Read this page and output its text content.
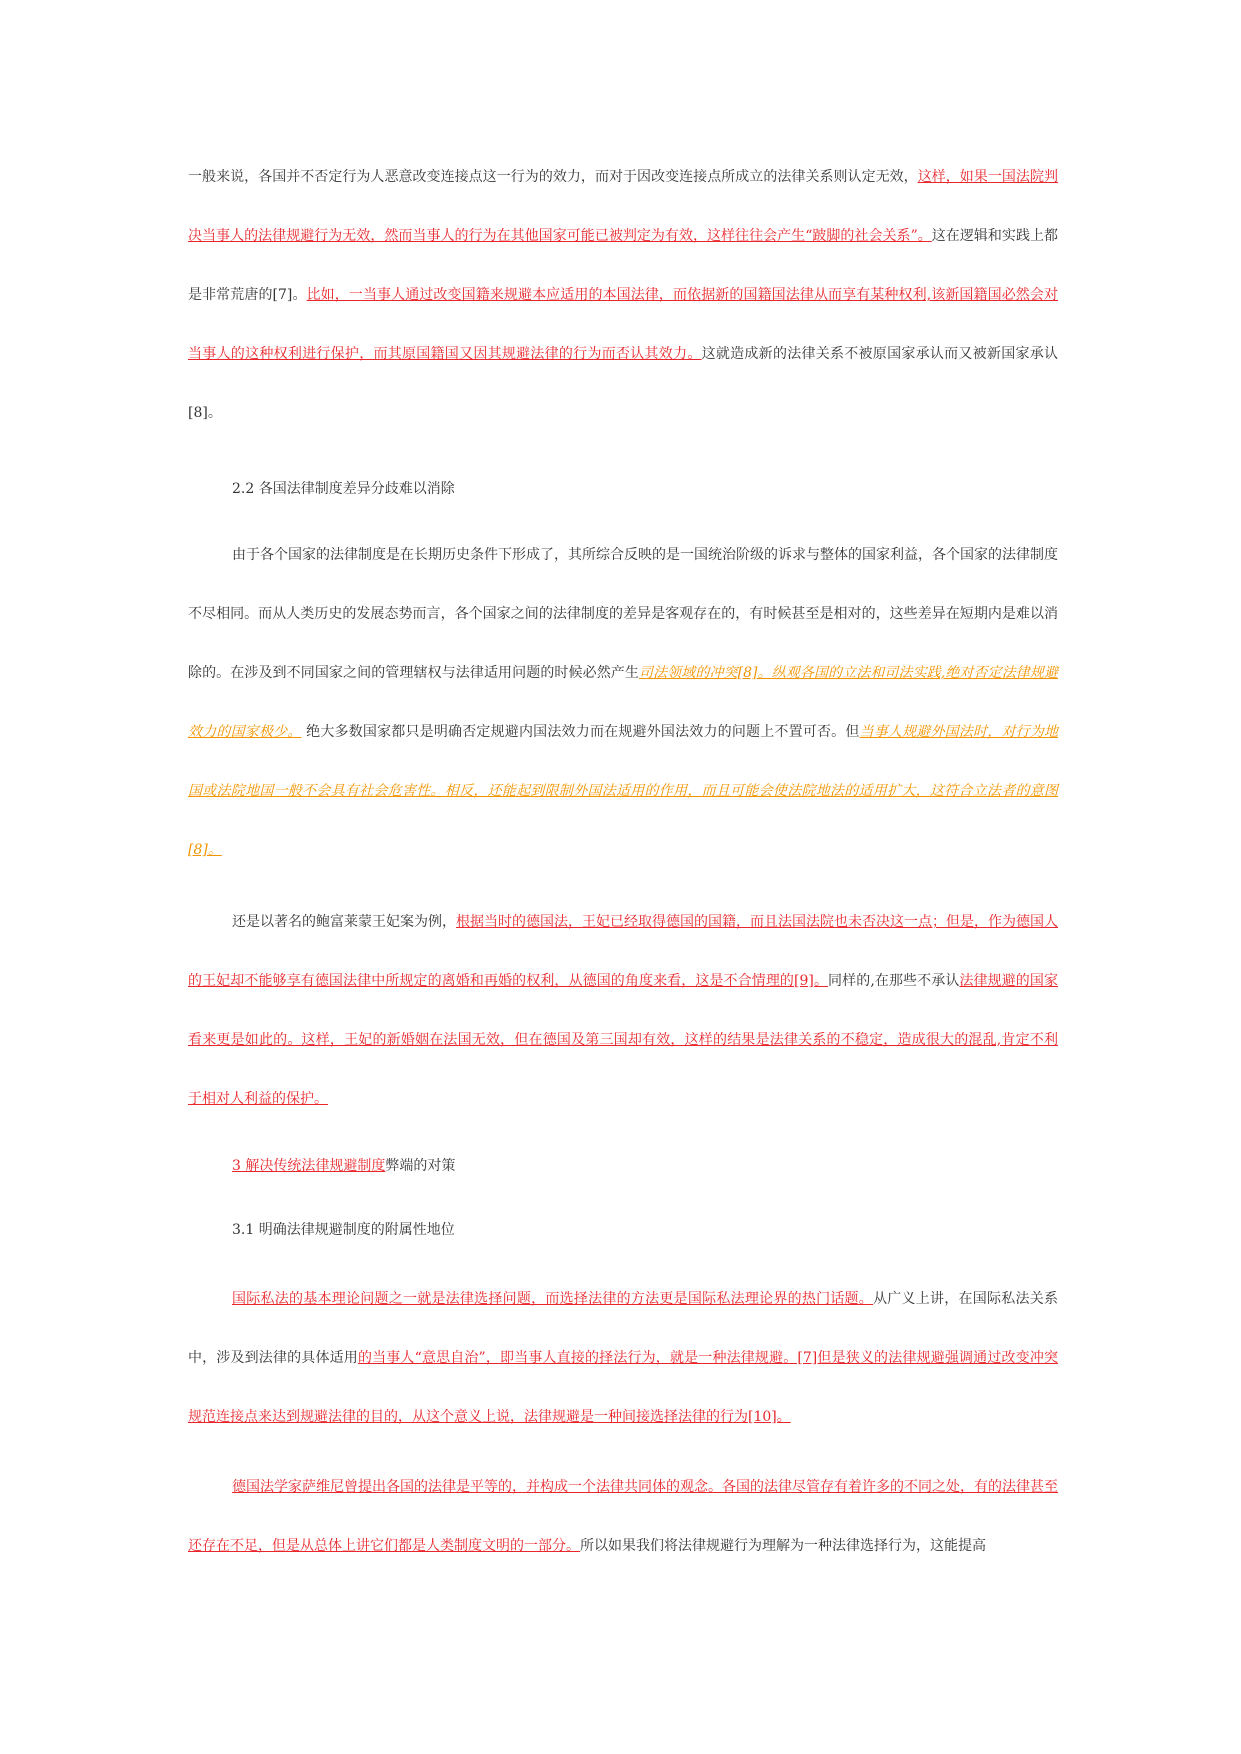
一般来说，各国并不否定行为人恶意改变连接点这一行为的效力，而对于因改变连接点所成立的法律关系则认定无效，这样，如果一国法院判决当事人的法律规避行为无效，然而当事人的行为在其他国家可能已被判定为有效，这样往往会产生“跛脚的社会关系”。这在逻辑和实践上都是非常荒唐的[7]。比如，一当事人通过改变国籍来规避本应适用的本国法律，而依据新的国籍国法律从而享有某种权利,该新国籍国必然会对当事人的这种权利进行保护，而其原国籍国又因其规避法律的行为而否认其效力。这就造成新的法律关系不被原国家承认而又被新国家承认[8]。

2.2 各国法律制度差异分歧难以消除

由于各个国家的法律制度是在长期历史条件下形成了，其所综合反映的是一国统治阶级的诉求与整体的国家利益，各个国家的法律制度不尽相同。而从人类历史的发展态势而言，各个国家之间的法律制度的差异是客观存在的，有时候甚至是相对的，这些差异在短期内是难以消除的。在涉及到不同国家之间的管理辖权与法律适用问题的时候必然产生司法领域的冲突[8]。纵观各国的立法和司法实践,绝对否定法律规避效力的国家极少。 绝大多数国家都只是明确否定规避内国法效力而在规避外国法效力的问题上不置可否。但当事人规避外国法时，对行为地国或法院地国一般不会具有社会危害性。相反，还能起到限制外国法适用的作用，而且可能会使法院地法的适用扩大，这符合立法者的意图[8]。

还是以著名的鲍富莱蒙王妃案为例，根据当时的德国法，王妃已经取得德国的国籍，而且法国法院也未否决这一点；但是，作为德国人的王妃却不能够享有德国法律中所规定的离婚和再婚的权利，从德国的角度来看，这是不合情理的[9]。同样的,在那些不承认法律规避的国家看来更是如此的。这样，王妃的新婚姻在法国无效，但在德国及第三国却有效，这样的结果是法律关系的不稳定，造成很大的混乱,肯定不利于相对人利益的保护。

3 解决传统法律规避制度弊端的对策

3.1 明确法律规避制度的附属性地位

国际私法的基本理论问题之一就是法律选择问题，而选择法律的方法更是国际私法理论界的热门话题。从广义上讲，在国际私法关系中，涉及到法律的具体适用的当事人“意思自治”，即当事人直接的择法行为，就是一种法律规避。[7]但是狭义的法律规避强调通过改变冲突规范连接点来达到规避法律的目的，从这个意义上说，法律规避是一种间接选择法律的行为[10]。

德国法学家萨维尼曾提出各国的法律是平等的，并构成一个法律共同体的观念。各国的法律尽管存有着许多的不同之处，有的法律甚至还存在不足，但是从总体上讲它们都是人类制度文明的一部分。所以如果我们将法律规避行为理解为一种法律选择行为，这能提高
